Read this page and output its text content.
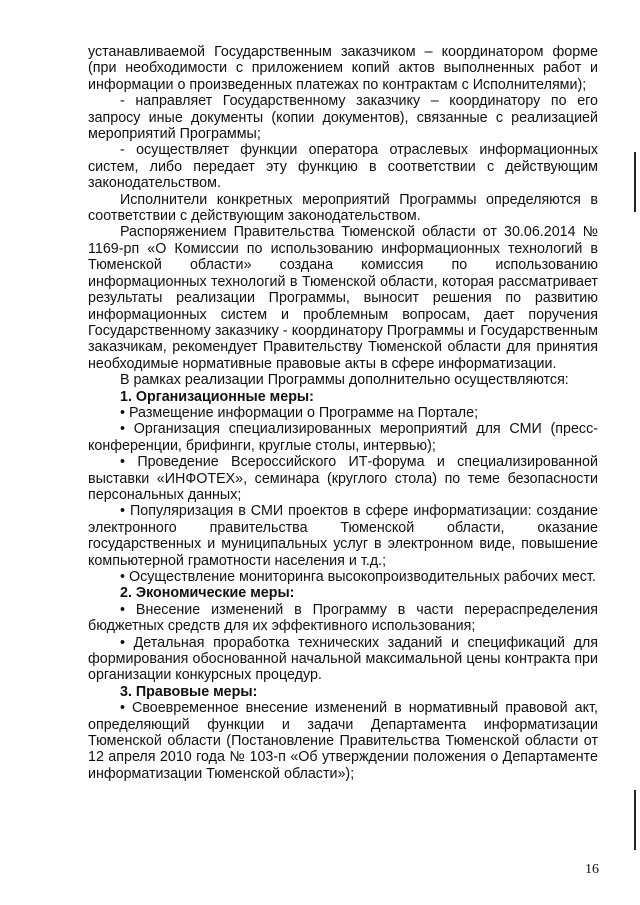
устанавливаемой Государственным заказчиком – координатором форме (при необходимости с приложением копий актов выполненных работ и информации о произведенных платежах по контрактам с Исполнителями);

- направляет Государственному заказчику – координатору по его запросу иные документы (копии документов), связанные с реализацией мероприятий Программы;

- осуществляет функции оператора отраслевых информационных систем, либо передает эту функцию в соответствии с действующим законодательством.

Исполнители конкретных мероприятий Программы определяются в соответствии с действующим законодательством.

Распоряжением Правительства Тюменской области от 30.06.2014 № 1169-рп «О Комиссии по использованию информационных технологий в Тюменской области» создана комиссия по использованию информационных технологий в Тюменской области, которая рассматривает результаты реализации Программы, выносит решения по развитию информационных систем и проблемным вопросам, дает поручения Государственному заказчику - координатору Программы и Государственным заказчикам, рекомендует Правительству Тюменской области для принятия необходимые нормативные правовые акты в сфере информатизации.

В рамках реализации Программы дополнительно осуществляются:

1. Организационные меры:

• Размещение информации о Программе на Портале;

• Организация специализированных мероприятий для СМИ (пресс-конференции, брифинги, круглые столы, интервью);

• Проведение Всероссийского ИТ-форума и специализированной выставки «ИНФОТЕХ», семинара (круглого стола) по теме безопасности персональных данных;

• Популяризация в СМИ проектов в сфере информатизации: создание электронного правительства Тюменской области, оказание государственных и муниципальных услуг в электронном виде, повышение компьютерной грамотности населения и т.д.;

• Осуществление мониторинга высокопроизводительных рабочих мест.

2. Экономические меры:

• Внесение изменений в Программу в части перераспределения бюджетных средств для их эффективного использования;

• Детальная проработка технических заданий и спецификаций для формирования обоснованной начальной максимальной цены контракта при организации конкурсных процедур.

3. Правовые меры:

• Своевременное внесение изменений в нормативный правовой акт, определяющий функции и задачи Департамента информатизации Тюменской области (Постановление Правительства Тюменской области от 12 апреля 2010 года № 103-п «Об утверждении положения о Департаменте информатизации Тюменской области»);

16
